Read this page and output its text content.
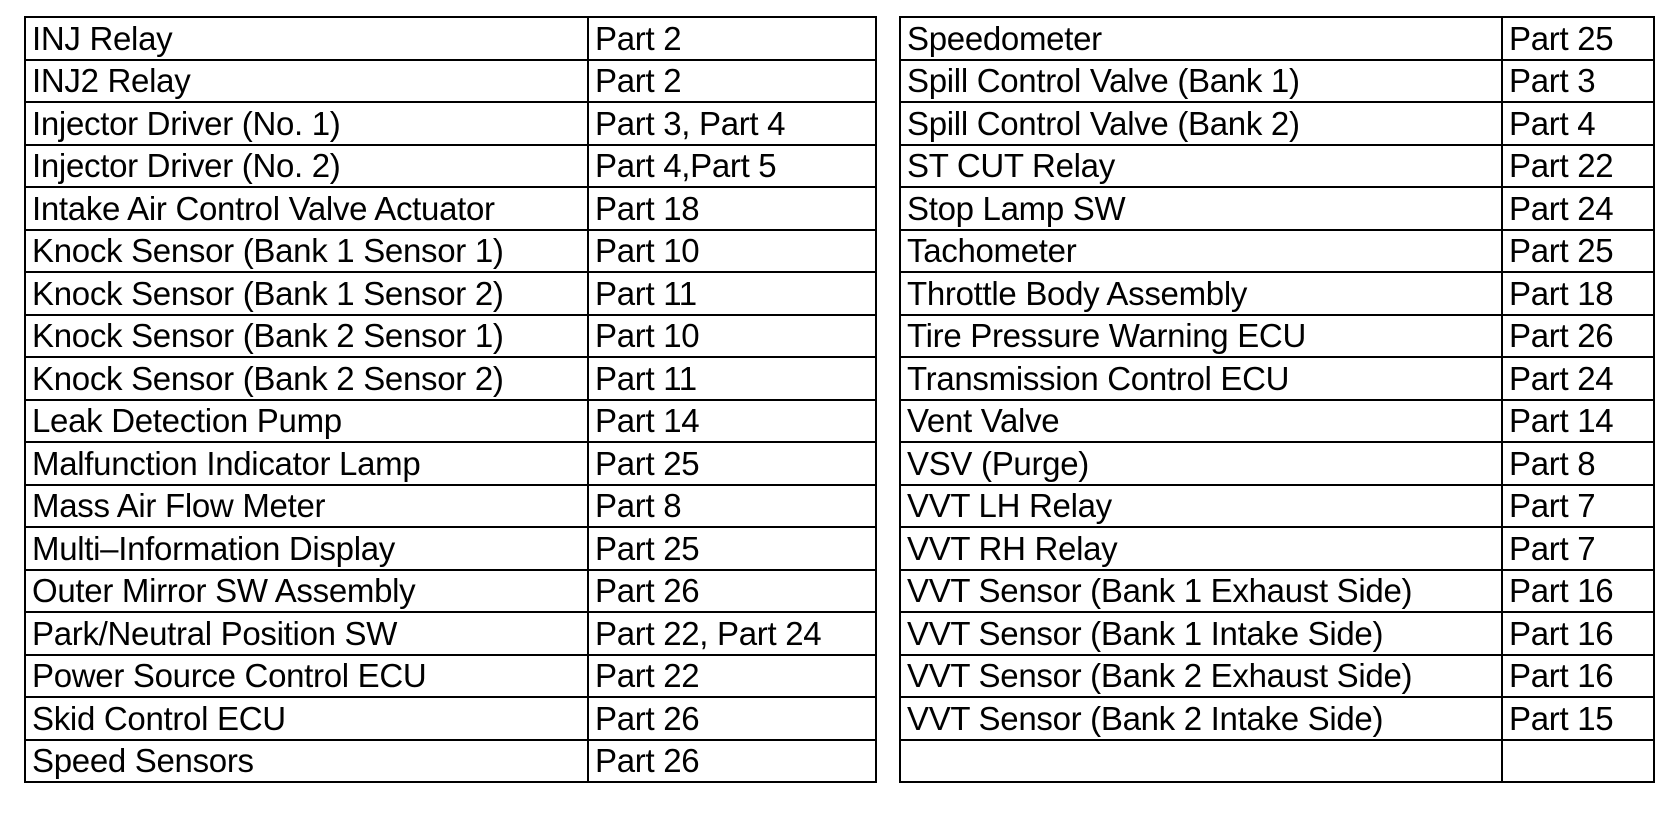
INJ Relay	Part 2
INJ2 Relay	Part 2
Injector Driver (No. 1)	Part 3, Part 4
Injector Driver (No. 2)	Part 4,Part 5
Intake Air Control Valve Actuator	Part 18
Knock Sensor (Bank 1 Sensor 1)	Part 10
Knock Sensor (Bank 1 Sensor 2)	Part 11
Knock Sensor (Bank 2 Sensor 1)	Part 10
Knock Sensor (Bank 2 Sensor 2)	Part 11
Leak Detection Pump	Part 14
Malfunction Indicator Lamp	Part 25
Mass Air Flow Meter	Part 8
Multi–Information Display	Part 25
Outer Mirror SW Assembly	Part 26
Park/Neutral Position SW	Part 22, Part 24
Power Source Control ECU	Part 22
Skid Control ECU	Part 26
Speed Sensors	Part 26
Speedometer	Part 25
Spill Control Valve (Bank 1)	Part 3
Spill Control Valve (Bank 2)	Part 4
ST CUT Relay	Part 22
Stop Lamp SW	Part 24
Tachometer	Part 25
Throttle Body Assembly	Part 18
Tire Pressure Warning ECU	Part 26
Transmission Control ECU	Part 24
Vent Valve	Part 14
VSV (Purge)	Part 8
VVT LH Relay	Part 7
VVT RH Relay	Part 7
VVT Sensor (Bank 1 Exhaust Side)	Part 16
VVT Sensor (Bank 1 Intake Side)	Part 16
VVT Sensor (Bank 2 Exhaust Side)	Part 16
VVT Sensor (Bank 2 Intake Side)	Part 15
